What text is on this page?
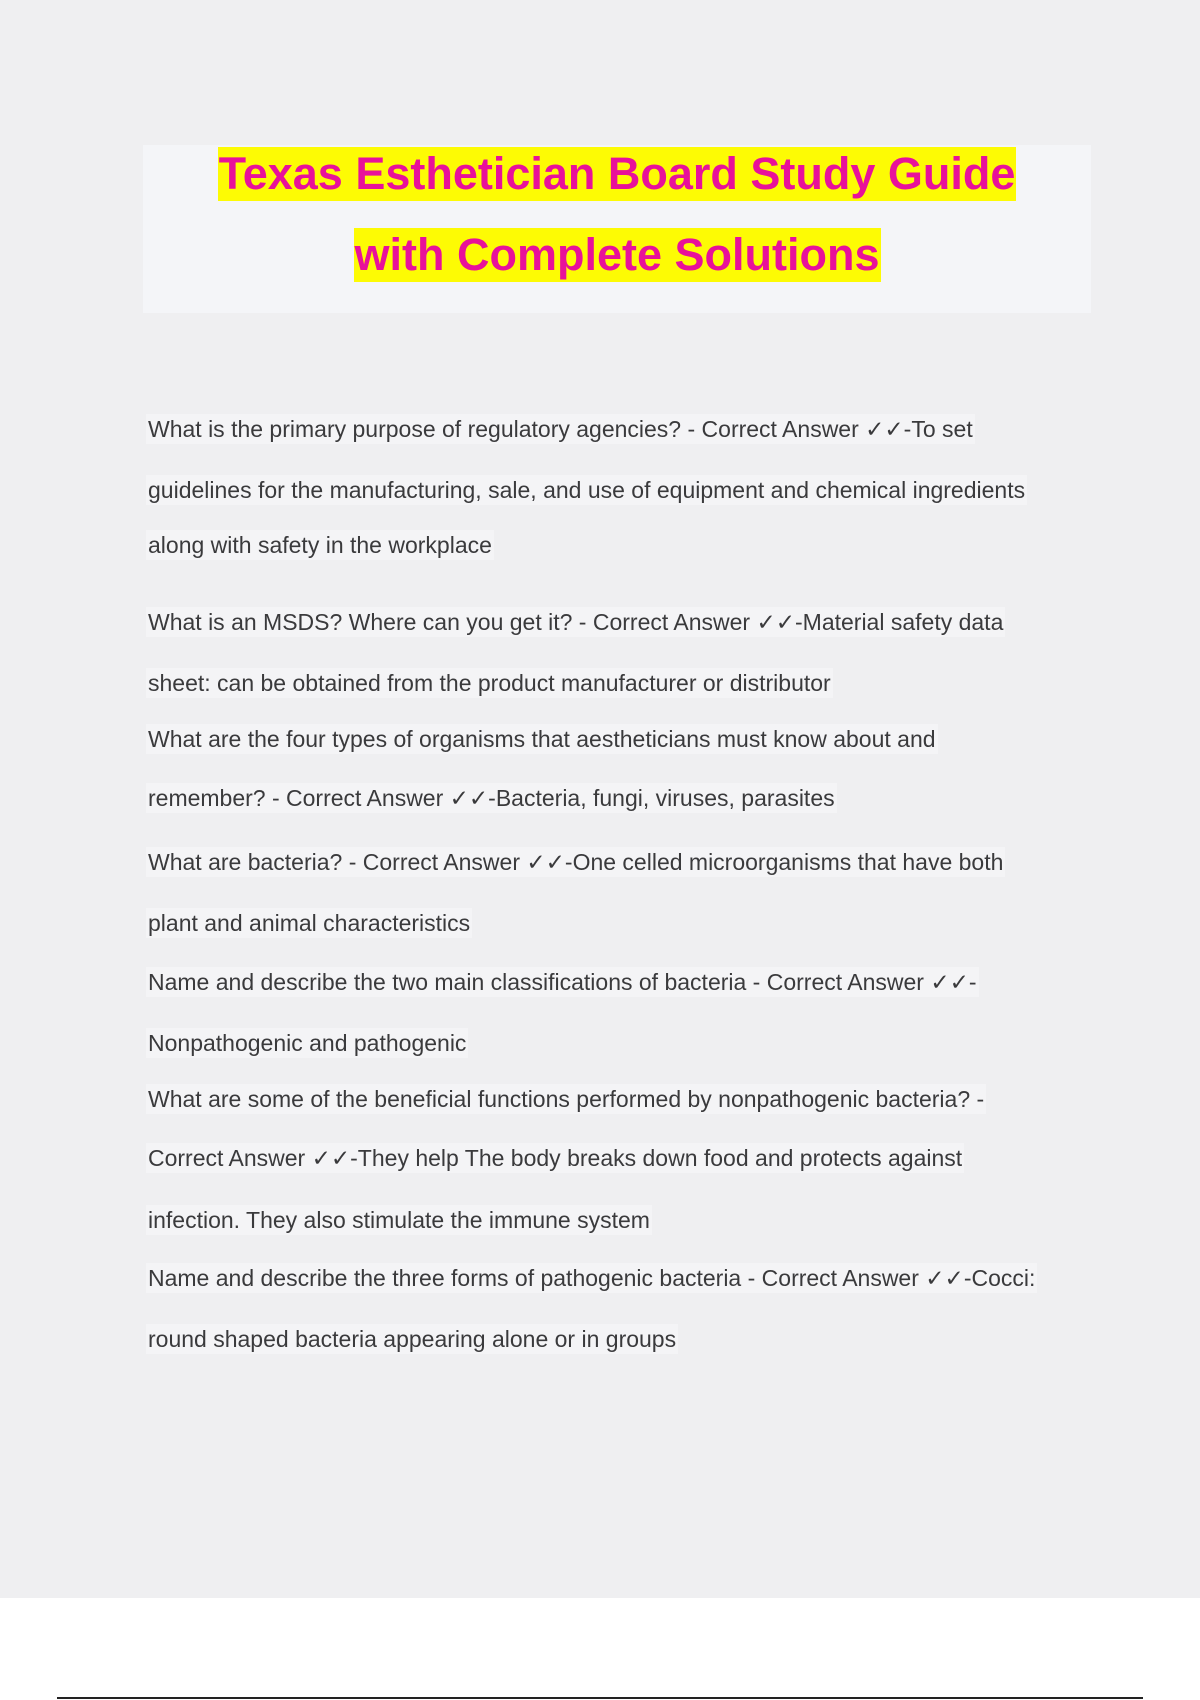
Texas Esthetician Board Study Guide
with Complete Solutions
What is the primary purpose of regulatory agencies? - Correct Answer ✓✓-To set
guidelines for the manufacturing, sale, and use of equipment and chemical ingredients
along with safety in the workplace
What is an MSDS? Where can you get it? - Correct Answer ✓✓-Material safety data
sheet: can be obtained from the product manufacturer or distributor
What are the four types of organisms that aestheticians must know about and
remember? - Correct Answer ✓✓-Bacteria, fungi, viruses, parasites
What are bacteria? - Correct Answer ✓✓-One celled microorganisms that have both
plant and animal characteristics
Name and describe the two main classifications of bacteria - Correct Answer ✓✓-
Nonpathogenic and pathogenic
What are some of the beneficial functions performed by nonpathogenic bacteria? -
Correct Answer ✓✓-They help The body breaks down food and protects against
infection. They also stimulate the immune system
Name and describe the three forms of pathogenic bacteria - Correct Answer ✓✓-Cocci:
round shaped bacteria appearing alone or in groups
